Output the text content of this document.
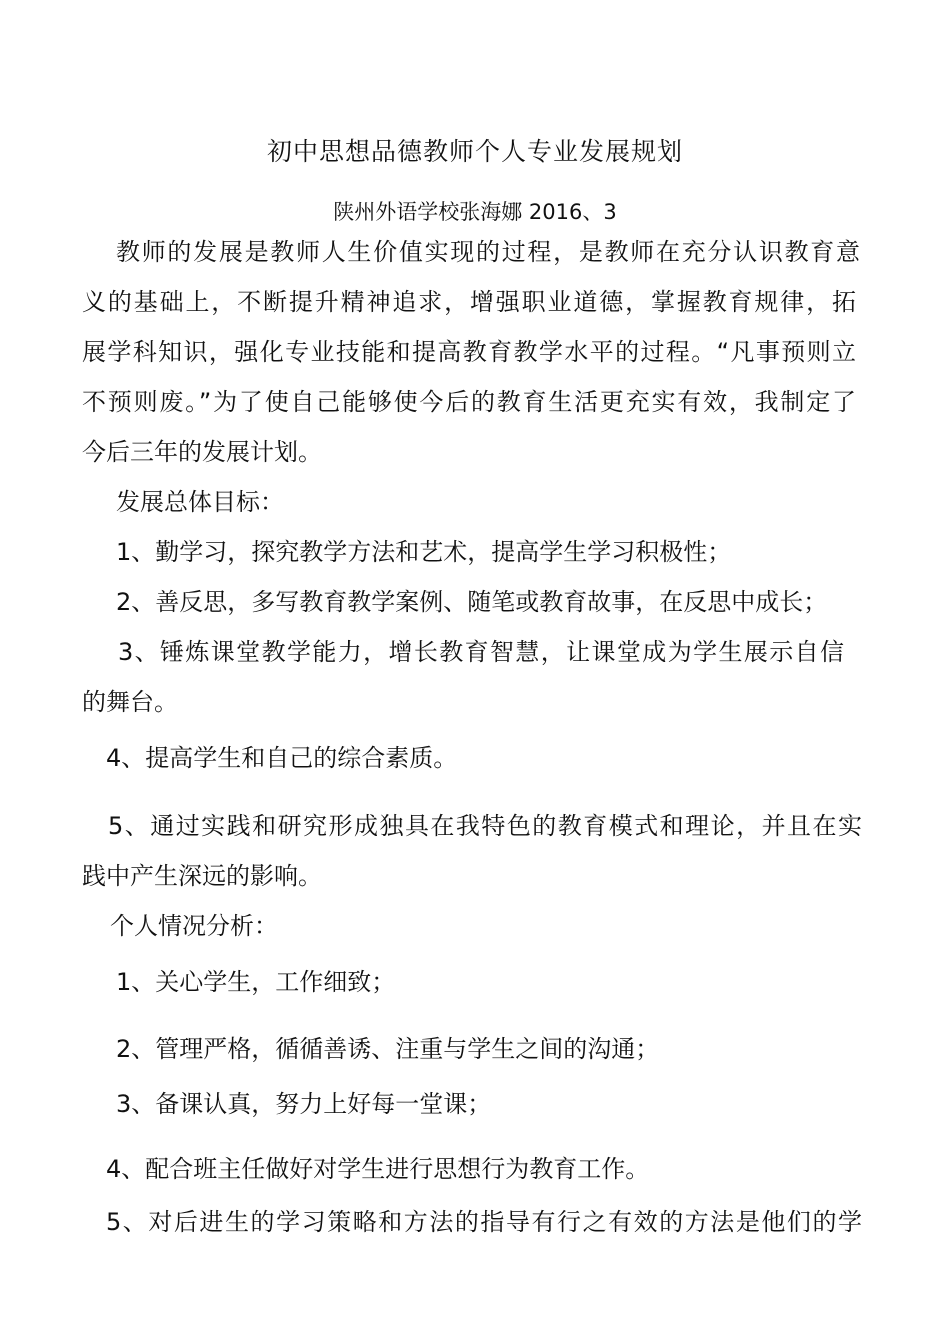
初中思想品德教师个人专业发展规划
陕州外语学校张海娜 2016、3
教师的发展是教师人生价值实现的过程，是教师在充分认识教育意
义的基础上，不断提升精神追求，增强职业道德，掌握教育规律，拓
展学科知识，强化专业技能和提高教育教学水平的过程。“凡事预则立
不预则废。”为了使自己能够使今后的教育生活更充实有效，我制定了
今后三年的发展计划。
发展总体目标：
1、勤学习，探究教学方法和艺术，提高学生学习积极性；
2、善反思，多写教育教学案例、随笔或教育故事，在反思中成长；
3、锤炼课堂教学能力，增长教育智慧，让课堂成为学生展示自信
的舞台。
4、提高学生和自己的综合素质。
5、通过实践和研究形成独具在我特色的教育模式和理论，并且在实
践中产生深远的影响。
个人情况分析：
1、关心学生，工作细致；
2、管理严格，循循善诱、注重与学生之间的沟通；
3、备课认真，努力上好每一堂课；
4、配合班主任做好对学生进行思想行为教育工作。
5、对后进生的学习策略和方法的指导有行之有效的方法是他们的学
